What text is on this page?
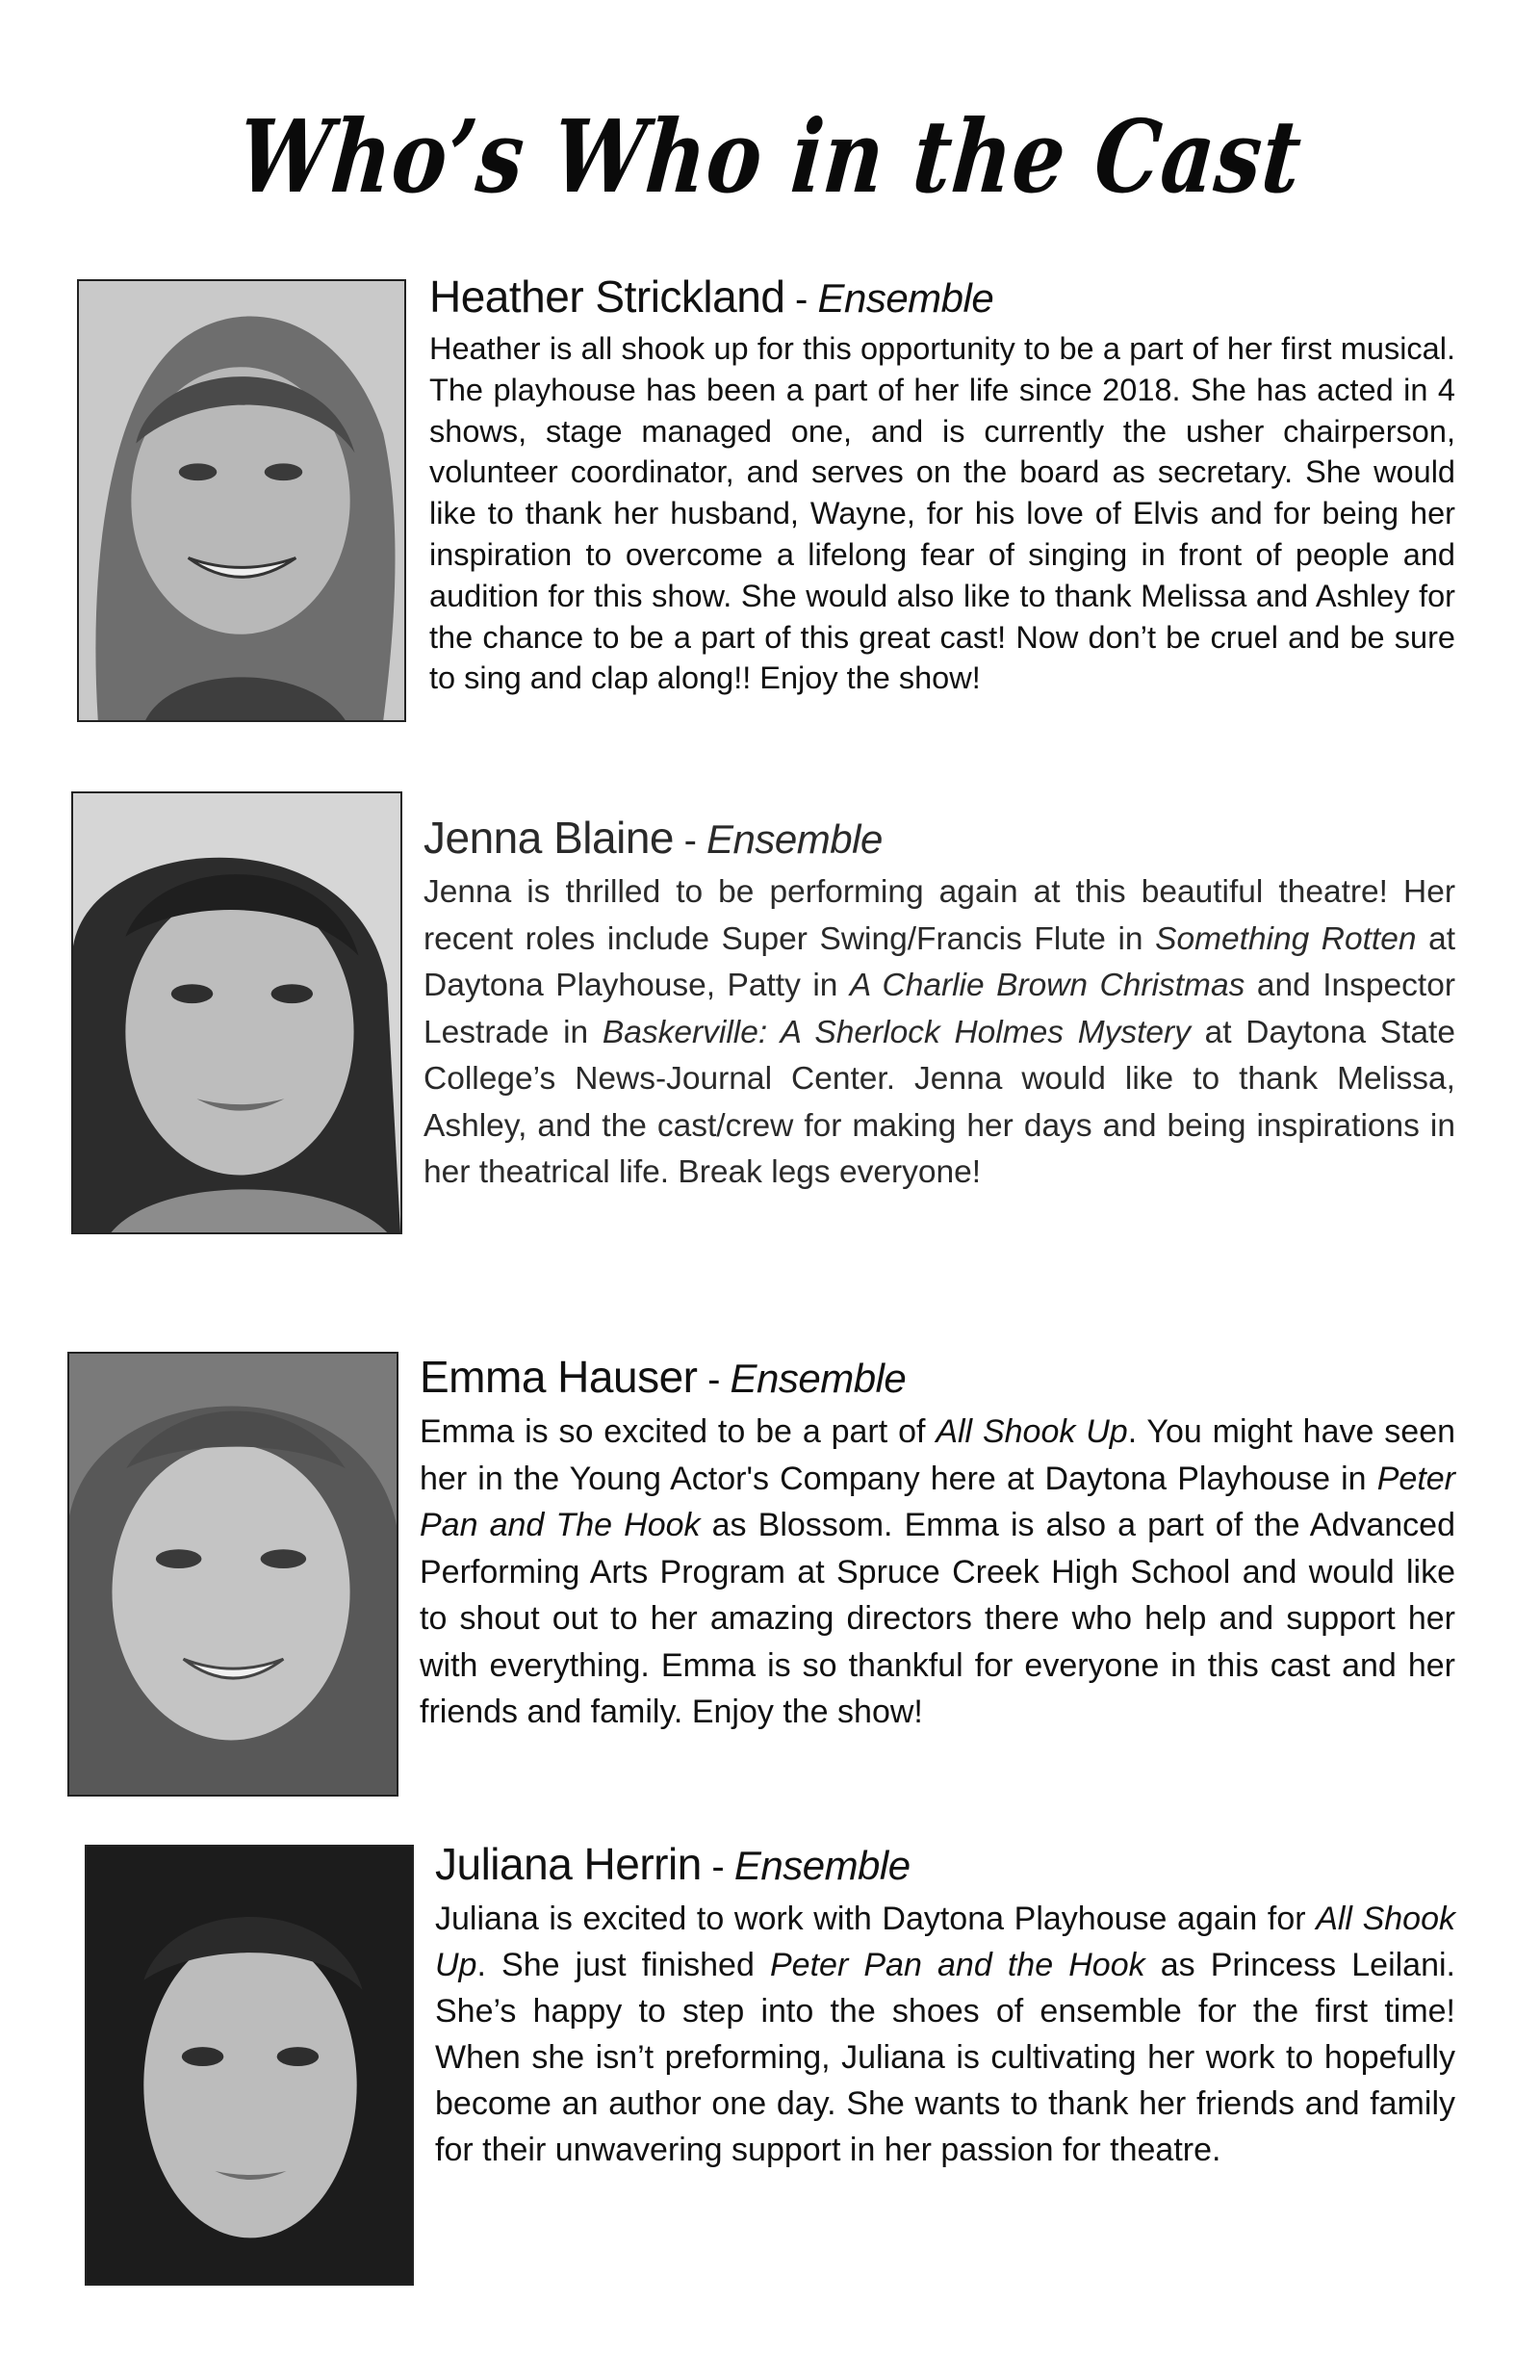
Who’s Who in the Cast
Heather Strickland - Ensemble
Heather is all shook up for this opportunity to be a part of her first musical. The playhouse has been a part of her life since 2018. She has acted in 4 shows, stage managed one, and is currently the usher chairperson, volunteer coordinator, and serves on the board as secretary. She would like to thank her husband, Wayne, for his love of Elvis and for being her inspiration to overcome a lifelong fear of singing in front of people and audition for this show. She would also like to thank Melissa and Ashley for the chance to be a part of this great cast! Now don’t be cruel and be sure to sing and clap along!! Enjoy the show!
Jenna Blaine - Ensemble
Jenna is thrilled to be performing again at this beautiful theatre! Her recent roles include Super Swing/Francis Flute in Something Rotten at Daytona Playhouse, Patty in A Charlie Brown Christmas and Inspector Lestrade in Baskerville: A Sherlock Holmes Mystery at Daytona State College’s News-Journal Center. Jenna would like to thank Melissa, Ashley, and the cast/crew for making her days and being inspirations in her theatrical life. Break legs everyone!
Emma Hauser - Ensemble
Emma is so excited to be a part of All Shook Up. You might have seen her in the Young Actor's Company here at Daytona Playhouse in Peter Pan and The Hook as Blossom. Emma is also a part of the Advanced Performing Arts Program at Spruce Creek High School and would like to shout out to her amazing directors there who help and support her with everything. Emma is so thankful for everyone in this cast and her friends and family. Enjoy the show!
Juliana Herrin - Ensemble
Juliana is excited to work with Daytona Playhouse again for All Shook Up. She just finished Peter Pan and the Hook as Princess Leilani. She’s happy to step into the shoes of ensemble for the first time! When she isn’t preforming, Juliana is cultivating her work to hopefully become an author one day. She wants to thank her friends and family for their unwavering support in her passion for theatre.
